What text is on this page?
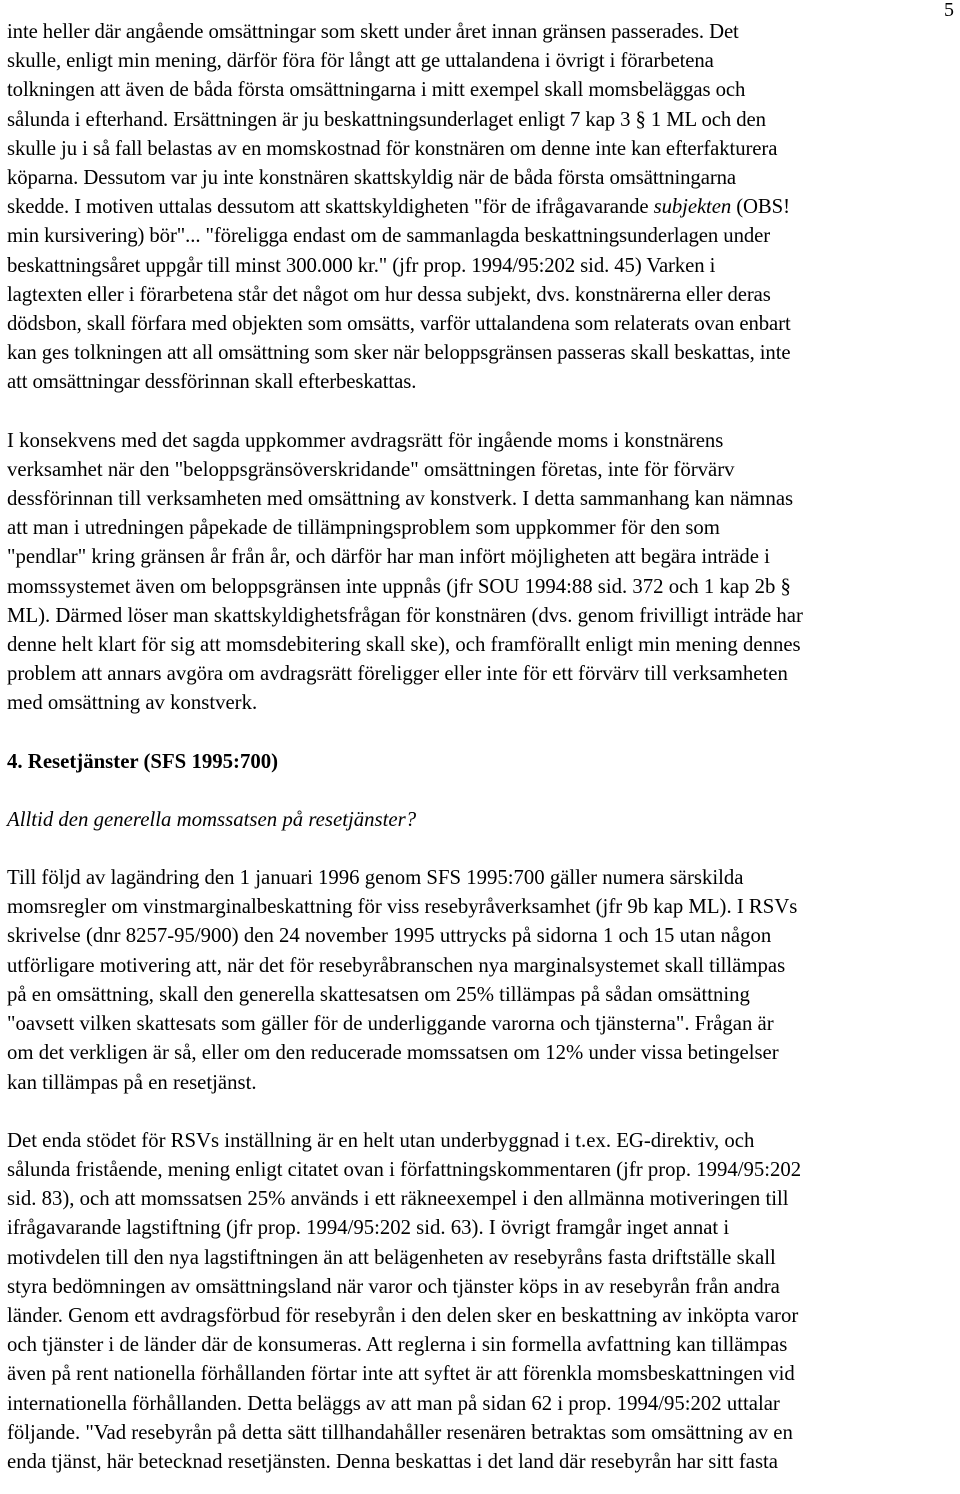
5

inte heller där angående omsättningar som skett under året innan gränsen passerades. Det
skulle, enligt min mening, därför föra för långt att ge uttalandena i övrigt i förarbetena
tolkningen att även de båda första omsättningarna i mitt exempel skall momsbeläggas och
sålunda i efterhand. Ersättningen är ju beskattningsunderlaget enligt 7 kap 3 § 1 ML och den
skulle ju i så fall belastas av en momskostnad för konstnären om denne inte kan efterfakturera
köparna. Dessutom var ju inte konstnären skattskyldig när de båda första omsättningarna
skedde. I motiven uttalas dessutom att skattskyldigheten "för de ifrågavarande subjekten (OBS!
min kursivering) bör"... "föreligga endast om de sammanlagda beskattningsunderlagen under
beskattningsåret uppgår till minst 300.000 kr." (jfr prop. 1994/95:202 sid. 45) Varken i
lagtexten eller i förarbetena står det något om hur dessa subjekt, dvs. konstnärerna eller deras
dödsbon, skall förfara med objekten som omsätts, varför uttalandena som relaterats ovan enbart
kan ges tolkningen att all omsättning som sker när beloppsgränsen passeras skall beskattas, inte
att omsättningar dessförinnan skall efterbeskattas.

I konsekvens med det sagda uppkommer avdragsrätt för ingående moms i konstnärens
verksamhet när den "beloppsgränsöverskridande" omsättningen företas, inte för förvärv
dessförinnan till verksamheten med omsättning av konstverk. I detta sammanhang kan nämnas
att man i utredningen påpekade de tillämpningsproblem som uppkommer för den som
"pendlar" kring gränsen år från år, och därför har man infört möjligheten att begära inträde i
momssystemet även om beloppsgränsen inte uppnås (jfr SOU 1994:88 sid. 372 och 1 kap 2b §
ML). Därmed löser man skattskyldighetsfrågan för konstnären (dvs. genom frivilligt inträde har
denne helt klart för sig att momsdebitering skall ske), och framförallt enligt min mening dennes
problem att annars avgöra om avdragsrätt föreligger eller inte för ett förvärv till verksamheten
med omsättning av konstverk.

4. Resetjänster (SFS 1995:700)

Alltid den generella momssatsen på resetjänster?

Till följd av lagändring den 1 januari 1996 genom SFS 1995:700 gäller numera särskilda
momsregler om vinstmarginalbeskattning för viss resebyråverksamhet (jfr 9b kap ML). I RSVs
skrivelse (dnr 8257-95/900) den 24 november 1995 uttrycks på sidorna 1 och 15 utan någon
utförligare motivering att, när det för resebyråbranschen nya marginalsystemet skall tillämpas
på en omsättning, skall den generella skattesatsen om 25% tillämpas på sådan omsättning
"oavsett vilken skattesats som gäller för de underliggande varorna och tjänsterna". Frågan är
om det verkligen är så, eller om den reducerade momssatsen om 12% under vissa betingelser
kan tillämpas på en resetjänst.

Det enda stödet för RSVs inställning är en helt utan underbyggnad i t.ex. EG-direktiv, och
sålunda fristående, mening enligt citatet ovan i författningskommentaren (jfr prop. 1994/95:202
sid. 83), och att momssatsen 25% används i ett räkneexempel i den allmänna motiveringen till
ifrågavarande lagstiftning (jfr prop. 1994/95:202 sid. 63). I övrigt framgår inget annat i
motivdelen till den nya lagstiftningen än att belägenheten av resebyråns fasta driftställe skall
styra bedömningen av omsättningsland när varor och tjänster köps in av resebyrån från andra
länder. Genom ett avdragsförbud för resebyrån i den delen sker en beskattning av inköpta varor
och tjänster i de länder där de konsumeras. Att reglerna i sin formella avfattning kan tillämpas
även på rent nationella förhållanden förtar inte att syftet är att förenkla momsbeskattningen vid
internationella förhållanden. Detta beläggs av att man på sidan 62 i prop. 1994/95:202 uttalar
följande. "Vad resebyrån på detta sätt tillhandahåller resenären betraktas som omsättning av en
enda tjänst, här betecknad resetjänsten. Denna beskattas i det land där resebyrån har sitt fasta
